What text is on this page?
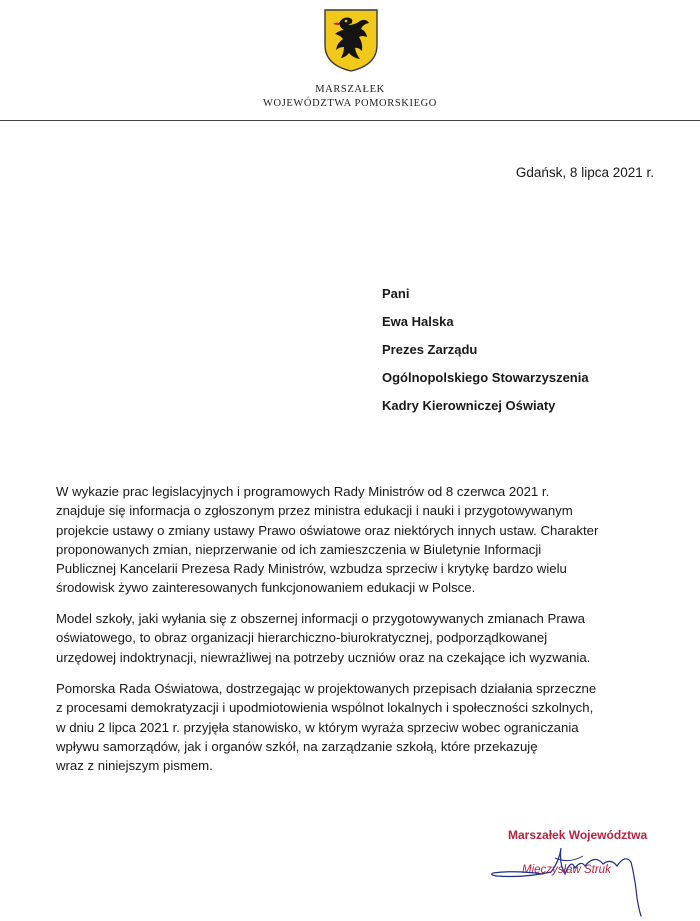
MARSZAŁEK
WOJEWÓDZTWA POMORSKIEGO
Gdańsk, 8 lipca 2021 r.
Pani
Ewa Halska
Prezes Zarządu
Ogólnopolskiego Stowarzyszenia
Kadry Kierowniczej Oświaty
W wykazie prac legislacyjnych i programowych Rady Ministrów od 8 czerwca 2021 r.
znajduje się informacja o zgłoszonym przez ministra edukacji i nauki i przygotowywanym
projekcie ustawy o zmiany ustawy Prawo oświatowe oraz niektórych innych ustaw. Charakter
proponowanych zmian, nieprzerwanie od ich zamieszczenia w Biuletynie Informacji
Publicznej Kancelarii Prezesa Rady Ministrów, wzbudza sprzeciw i krytykę bardzo wielu
środowisk żywo zainteresowanych funkcjonowaniem edukacji w Polsce.
Model szkoły, jaki wyłania się z obszernej informacji o przygotowywanych zmianach Prawa
oświatowego, to obraz organizacji hierarchiczno-biurokratycznej, podporządkowanej
urzędowej indoktrynacji, niewrażliwej na potrzeby uczniów oraz na czekające ich wyzwania.
Pomorska Rada Oświatowa, dostrzegając w projektowanych przepisach działania sprzeczne
z procesami demokratyzacji i upodmiotowienia wspólnot lokalnych i społeczności szkolnych,
w dniu 2 lipca 2021 r. przyjęła stanowisko, w którym wyraża sprzeciw wobec ograniczania
wpływu samorządów, jak i organów szkół, na zarządzanie szkołą, które przekazuję
wraz z niniejszym pismem.
Marszałek Województwa
Mieczysław Struk
